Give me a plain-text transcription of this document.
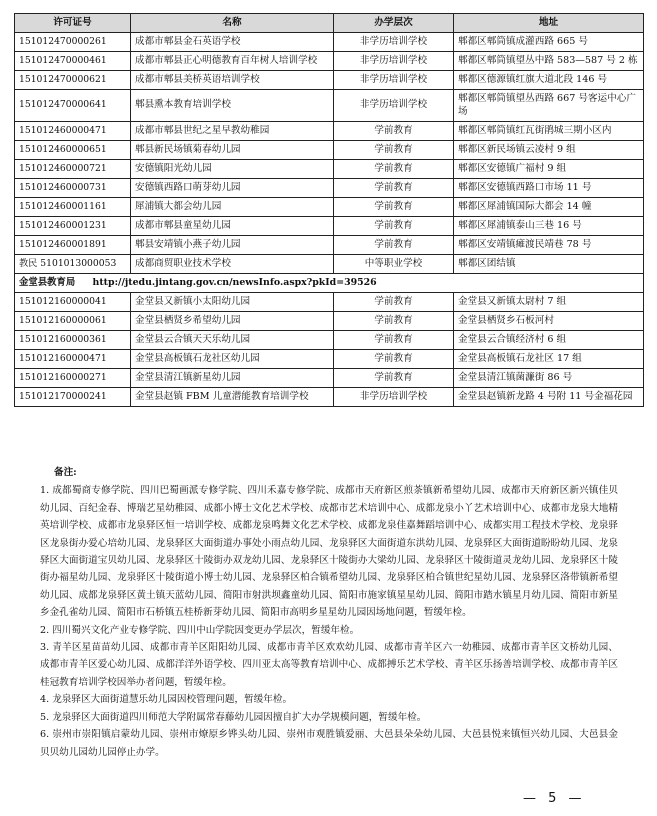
许可证号	名称	办学层次	地址
151012470000261	成都市郫县金石英语学校	非学历培训学校	郫都区郫筒镇成灌西路 665 号
151012470000461	成都市郫县正心明德教育百年树人培训学校	非学历培训学校	郫都区郫筒镇望丛中路 583—587 号 2 栋
151012470000621	成都市郫县美桥英语培训学校	非学历培训学校	郫都区德源镇红旗大道北段 146 号
151012470000641	郫县熏本教育培训学校	非学历培训学校	郫都区郫筒镇望丛西路 667 号客运中心广场
151012460000471	成都市郫县世纪之星早教幼稚园	学前教育	郫都区郫筒镇红瓦街鹃城三期小区内
151012460000651	郫县新民场镇菊春幼儿园	学前教育	郫都区新民场镇云凌村 9 组
151012460000721	安德镇阳光幼儿园	学前教育	郫都区安德镇广福村 9 组
151012460000731	安德镇西路口萌芽幼儿园	学前教育	郫都区安德镇西路口市场 11 号
151012460001161	犀浦镇大都会幼儿园	学前教育	郫都区犀浦镇国际大都会 14 幢
151012460001231	成都市郫县童星幼儿园	学前教育	郫都区犀浦镇泰山三巷 16 号
151012460001891	郫县安靖镇小燕子幼儿园	学前教育	郫都区安靖镇瘫渡民靖巷 78 号
教民 5101013000053	成都商贸职业技术学校	中等职业学校	郫都区团结镇
金堂县教育局 http://jtedu.jintang.gov.cn/newsInfo.aspx?pkId=39526			
151012160000041	金堂县又新镇小太阳幼儿园	学前教育	金堂县又新镇太尉村 7 组
151012160000061	金堂县栖贤乡希望幼儿园	学前教育	金堂县栖贤乡石板河村
151012160000361	金堂县云合镇天天乐幼儿园	学前教育	金堂县云合镇经济村 6 组
151012160000471	金堂县高板镇石龙社区幼儿园	学前教育	金堂县高板镇石龙社区 17 组
151012160000271	金堂县清江镇新星幼儿园	学前教育	金堂县清江镇菌濂街 86 号
151012170000241	金堂县赵镇 FBM 儿童潜能教育培训学校	非学历培训学校	金堂县赵镇新龙路 4 号附 11 号金福花园
备注:

1. 成都蜀商专修学院、四川巴蜀画派专修学院、四川禾嘉专修学院、成都市天府新区煎茶镇新希望幼儿园、成都市天府新区新兴镇佳贝幼儿园、百纪金春、博瑞艺星幼稚园、成都小博士文化艺术学校、成都市艺术培训中心、成都龙泉小丫艺术培训中心、成都市龙泉大地精英培训学校、成都市龙泉驿区恒一培训学校、成都龙泉鸣舞文化艺术学校、成都龙泉佳嘉舞蹈培训中心、成都实用工程技术学校、龙泉驿区龙泉街办爱心培幼儿园、龙泉驿区大面街道办事处小雨点幼儿园、龙泉驿区大面街道东洪幼儿园、龙泉驿区大面街道盼盼幼儿园、龙泉驿区大面街道宝贝幼儿园、龙泉驿区十陵街办双龙幼儿园、龙泉驿区十陵街办大梁幼儿园、龙泉驿区十陵街道灵龙幼儿园、龙泉驿区十陵街办福星幼儿园、龙泉驿区十陵街道小博士幼儿园、龙泉驿区柏合镇希望幼儿园、龙泉驿区柏合镇世纪星幼儿园、龙泉驿区洛带镇新希望幼儿园、成都龙泉驿区黄土镇天蓝幼儿园、简阳市射洪坝鑫童幼儿园、简阳市施家镇星星幼儿园、简阳市踏水镇星月幼儿园、简阳市新星乡金孔雀幼儿园、简阳市石桥镇五桂桥新芽幼儿园、简阳市高明乡星星幼儿园因场地问题，暂缓年检。

2. 四川蜀兴文化产业专修学院、四川中山学院因变更办学层次，暂缓年检。

3. 青羊区星苗苗幼儿园、成都市青羊区阳阳幼儿园、成都市青羊区欢欢幼儿园、成都市青羊区六一幼稚园、成都市青羊区文桥幼儿园、成都市青羊区爱心幼儿园、成都洋洋外语学校、四川亚太高等教育培训中心、成都搏乐艺术学校、青羊区乐扬善培训学校、成都市青羊区桂冠教育培训学校因举办者问题，暂缓年检。

4. 龙泉驿区大面街道慧乐幼儿园因校管理问题，暂缓年检。

5. 龙泉驿区大面街道四川师范大学附属常春藤幼儿园因擅自扩大办学规模问题，暂缓年检。

6. 崇州市崇阳镇启蒙幼儿园、崇州市燎原乡铧头幼儿园、崇州市观胜镇爱丽、大邑县朵朵幼儿园、大邑县悦来镇恒兴幼儿园、大邑县金贝贝幼儿园幼儿园停止办学。

— 5 —
